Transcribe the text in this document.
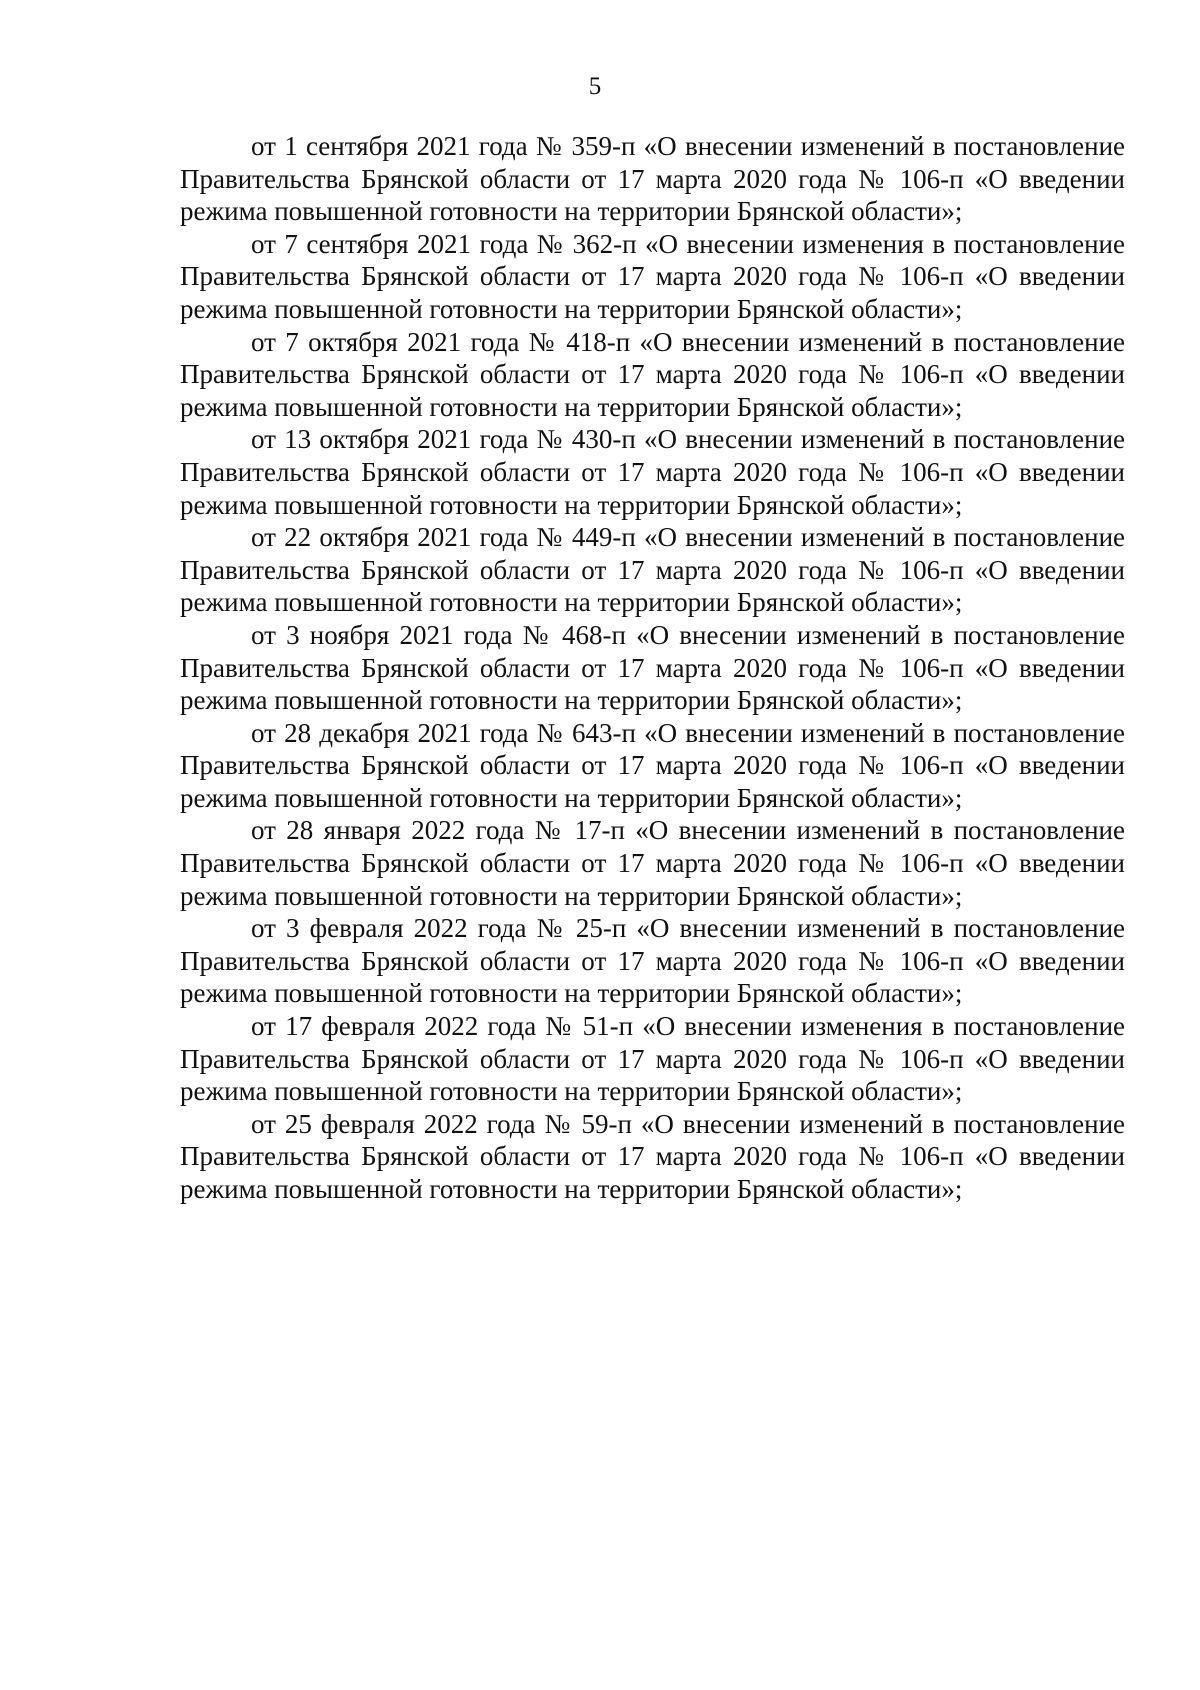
5

от 1 сентября 2021 года № 359-п «О внесении изменений в постановление Правительства Брянской области от 17 марта 2020 года № 106-п «О введении режима повышенной готовности на территории Брянской области»;

от 7 сентября 2021 года № 362-п «О внесении изменения в постановление Правительства Брянской области от 17 марта 2020 года № 106-п «О введении режима повышенной готовности на территории Брянской области»;

от 7 октября 2021 года № 418-п «О внесении изменений в постановление Правительства Брянской области от 17 марта 2020 года № 106-п «О введении режима повышенной готовности на территории Брянской области»;

от 13 октября 2021 года № 430-п «О внесении изменений в постановление Правительства Брянской области от 17 марта 2020 года № 106-п «О введении режима повышенной готовности на территории Брянской области»;

от 22 октября 2021 года № 449-п «О внесении изменений в постановление Правительства Брянской области от 17 марта 2020 года № 106-п «О введении режима повышенной готовности на территории Брянской области»;

от 3 ноября 2021 года № 468-п «О внесении изменений в постановление Правительства Брянской области от 17 марта 2020 года № 106-п «О введении режима повышенной готовности на территории Брянской области»;

от 28 декабря 2021 года № 643-п «О внесении изменений в постановление Правительства Брянской области от 17 марта 2020 года № 106-п «О введении режима повышенной готовности на территории Брянской области»;

от 28 января 2022 года № 17-п «О внесении изменений в постановление Правительства Брянской области от 17 марта 2020 года № 106-п «О введении режима повышенной готовности на территории Брянской области»;

от 3 февраля 2022 года № 25-п «О внесении изменений в постановление Правительства Брянской области от 17 марта 2020 года № 106-п «О введении режима повышенной готовности на территории Брянской области»;

от 17 февраля 2022 года № 51-п «О внесении изменения в постановление Правительства Брянской области от 17 марта 2020 года № 106-п «О введении режима повышенной готовности на территории Брянской области»;

от 25 февраля 2022 года № 59-п «О внесении изменений в постановление Правительства Брянской области от 17 марта 2020 года № 106-п «О введении режима повышенной готовности на территории Брянской области»;
